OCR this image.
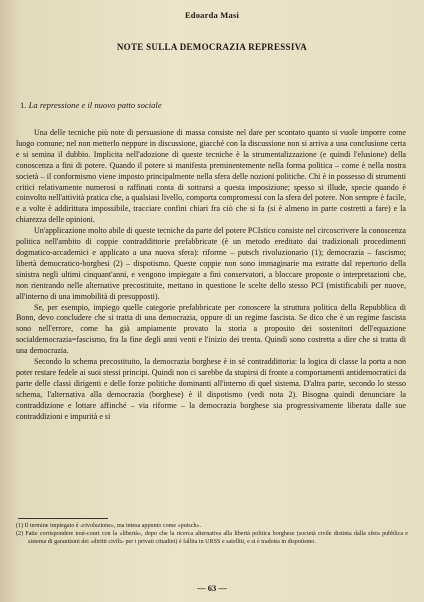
Edoarda Masi
NOTE SULLA DEMOCRAZIA REPRESSIVA
1. La repressione e il nuovo patto sociale

Una delle tecniche più note di persuasione di massa consiste nel dare per scontato quanto si vuole imporre come luogo comune; nel non metterlo neppure in discussione, giacché con la discussione non si arriva a una conclusione certa e si semina il dubbio. Implicita nell'adozione di queste tecniche è la strumentalizzazione (e quindi l'elusione) della conoscenza a fini di potere. Quando il potere si manifesta preminentemente nella forma politica – come è nella nostra società – il conformismo viene imposto principalmente nella sfera delle nozioni politiche. Chi è in possesso di strumenti critici relativamente numerosi o raffinati conta di sottrarsi a questa imposizione; spesso si illude, specie quando è coinvolto nell'attività pratica che, a qualsiasi livello, comporta compromessi con la sfera del potere. Non sempre è facile, e a volte è addirittura impossibile, tracciare confini chiari fra ciò che si fa (si è almeno in parte costretti a fare) e la chiarezza delle opinioni.

Un'applicazione molto abile di queste tecniche da parte del potere PCIstico consiste nel circoscrivere la conoscenza politica nell'ambito di coppie contraddittorie prefabbricate (è un metodo ereditato dai tradizionali procedimenti dogmatico-accademici e applicato a una nuova sfera): riforme – putsch rivoluzionario (1); democrazia – fascismo; libertà democratico-borghesi (2) – dispotismo. Queste coppie non sono immaginarie ma estratte dal repertorio della sinistra negli ultimi cinquant'anni, e vengono impiegate a fini conservatori, a bloccare proposte o interpretazioni che, non rientrando nelle alternative precostituite, mettano in questione le scelte dello stesso PCI (mistificabili per nuove, all'interno di una immobilità di presupposti).

Se, per esempio, impiego quelle categorie prefabbricate per conoscere la struttura politica della Repubblica di Bonn, devo concludere che si tratta di una democrazia, oppure di un regime fascista. Se dico che è un regime fascista sono nell'errore, come ha già ampiamente provato la storia a proposito dei sostenitori dell'equazione socialdemocrazia=fascismo, fra la fine degli anni venti e l'inizio dei trenta. Quindi sono costretta a dire che si tratta di una democrazia.

Secondo lo schema precostituito, la democrazia borghese è in sé contraddittoria: la logica di classe la porta a non poter restare fedele ai suoi stessi principi. Quindi non ci sarebbe da stupirsi di fronte a comportamenti antidemocratici da parte delle classi dirigenti e delle forze politiche dominanti all'interno di quel sistema. D'altra parte, secondo lo stesso schema, l'alternativa alla democrazia (borghese) è il dispotismo (vedi nota 2). Bisogna quindi denunciare la contraddizione e lottare affinché – via riforme – la democrazia borghese sia progressivamente liberata dalle sue contraddizioni e impurità e si

(1) Il termine impiegato è «rivoluzione», ma intesa appunto come «putsch».

(2) Fatte corrispondere tout-court con la «libertà», dopo che la ricerca alternativa alla libertà politica borghese (società civile distinta dalla sfera pubblica e sistema di garantismi dei «diritti civili» per i privati cittadini) è fallita in URSS e satelliti, e si è tradotta in dispotismo.

— 63 —
